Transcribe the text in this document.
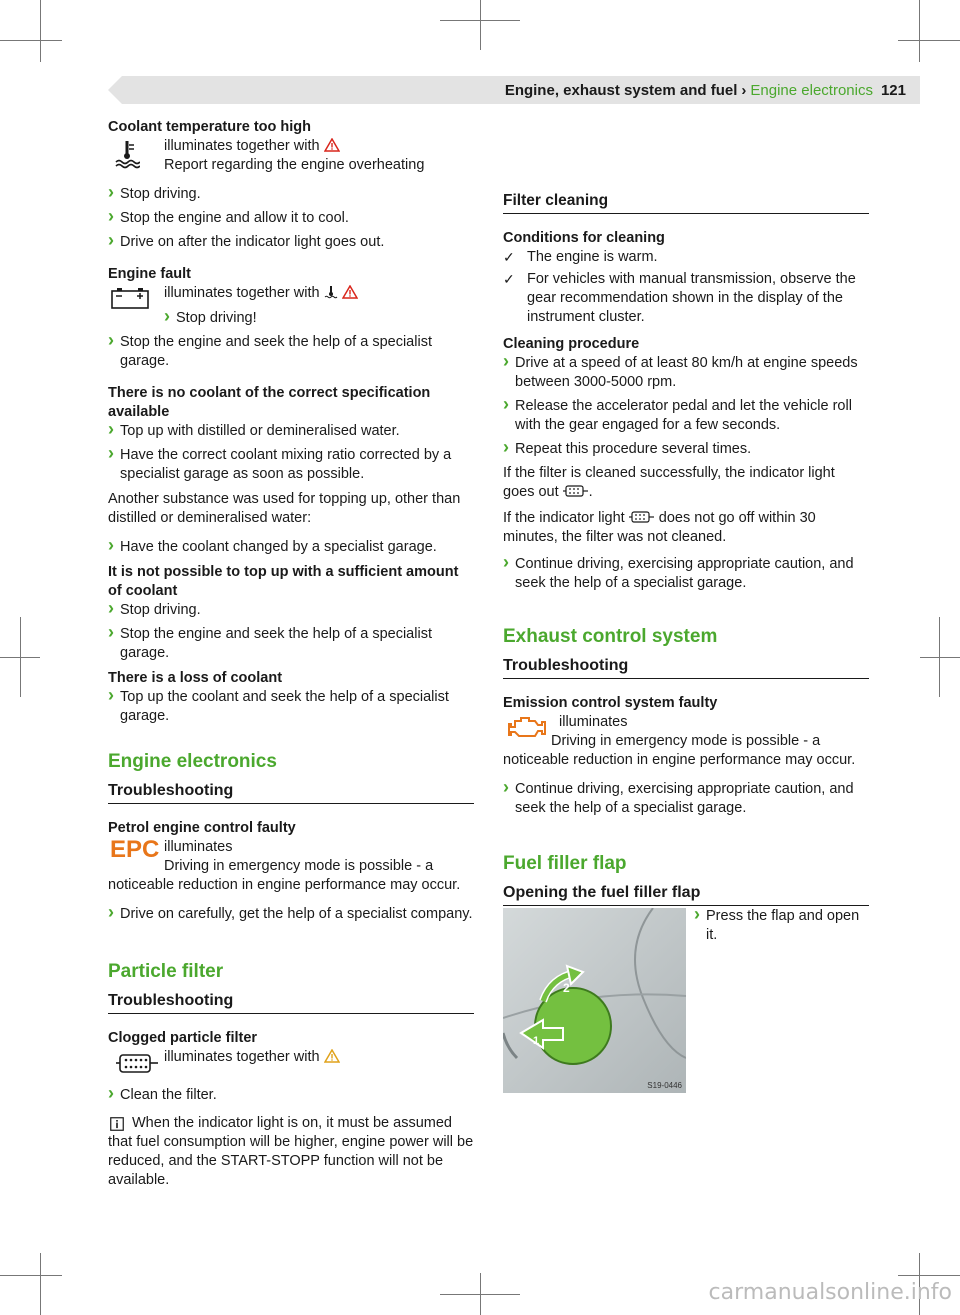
Engine, exhaust system and fuel › Engine electronics 121

Coolant temperature too high

illuminates together with
Report regarding the engine overheating

› Stop driving.

› Stop the engine and allow it to cool.

› Drive on after the indicator light goes out.

Engine fault

illuminates together with
› Stop driving!

› Stop the engine and seek the help of a specialist garage.

There is no coolant of the correct specification available

› Top up with distilled or demineralised water.

› Have the correct coolant mixing ratio corrected by a specialist garage as soon as possible.

Another substance was used for topping up, other than distilled or demineralised water:

› Have the coolant changed by a specialist garage.

It is not possible to top up with a sufficient amount of coolant

› Stop driving.

› Stop the engine and seek the help of a specialist garage.

There is a loss of coolant

› Top up the coolant and seek the help of a specialist garage.

Engine electronics
Troubleshooting

Petrol engine control faulty

EPC illuminates
Driving in emergency mode is possible - a noticeable reduction in engine performance may occur.

› Drive on carefully, get the help of a specialist company.

Particle filter
Troubleshooting

Clogged particle filter

illuminates together with

› Clean the filter.

When the indicator light is on, it must be assumed that fuel consumption will be higher, engine power will be reduced, and the START-STOPP function will not be available.
Filter cleaning

Conditions for cleaning

✓ The engine is warm.

✓ For vehicles with manual transmission, observe the gear recommendation shown in the display of the instrument cluster.

Cleaning procedure

› Drive at a speed of at least 80 km/h at engine speeds between 3000-5000 rpm.

› Release the accelerator pedal and let the vehicle roll with the gear engaged for a few seconds.

› Repeat this procedure several times.

If the filter is cleaned successfully, the indicator light goes out .

If the indicator light does not go off within 30 minutes, the filter was not cleaned.

› Continue driving, exercising appropriate caution, and seek the help of a specialist garage.

Exhaust control system
Troubleshooting

Emission control system faulty

illuminates
Driving in emergency mode is possible - a noticeable reduction in engine performance may occur.

› Continue driving, exercising appropriate caution, and seek the help of a specialist garage.

Fuel filler flap
Opening the fuel filler flap
2
1
S19-0446

› Press the flap and open it.

carmanualsonline.info
